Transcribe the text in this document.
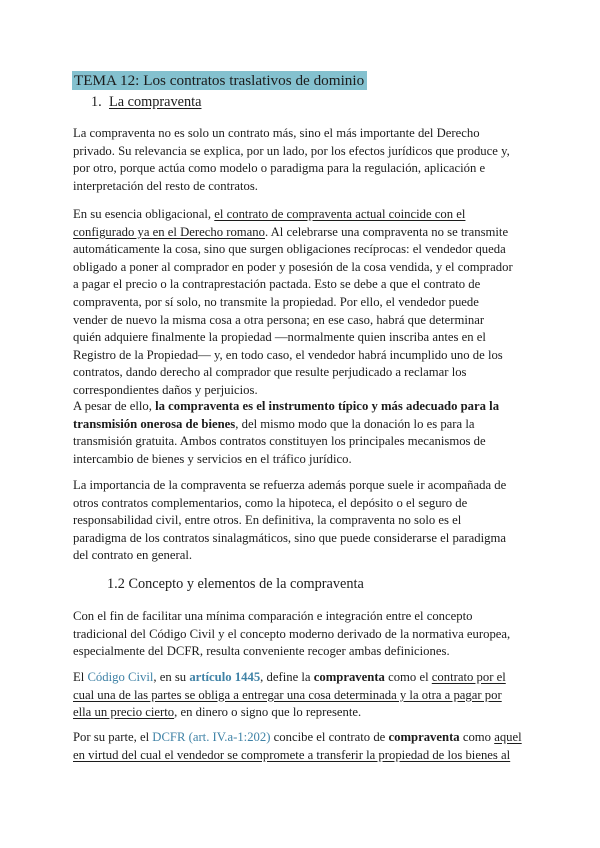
TEMA 12: Los contratos traslativos de dominio
1. La compraventa
La compraventa no es solo un contrato más, sino el más importante del Derecho
privado. Su relevancia se explica, por un lado, por los efectos jurídicos que produce y,
por otro, porque actúa como modelo o paradigma para la regulación, aplicación e
interpretación del resto de contratos.
En su esencia obligacional, el contrato de compraventa actual coincide con el
configurado ya en el Derecho romano. Al celebrarse una compraventa no se transmite
automáticamente la cosa, sino que surgen obligaciones recíprocas: el vendedor queda
obligado a poner al comprador en poder y posesión de la cosa vendida, y el comprador
a pagar el precio o la contraprestación pactada. Esto se debe a que el contrato de
compraventa, por sí solo, no transmite la propiedad. Por ello, el vendedor puede
vender de nuevo la misma cosa a otra persona; en ese caso, habrá que determinar
quién adquiere finalmente la propiedad —normalmente quien inscriba antes en el
Registro de la Propiedad— y, en todo caso, el vendedor habrá incumplido uno de los
contratos, dando derecho al comprador que resulte perjudicado a reclamar los
correspondientes daños y perjuicios.
A pesar de ello, la compraventa es el instrumento típico y más adecuado para la
transmisión onerosa de bienes, del mismo modo que la donación lo es para la
transmisión gratuita. Ambos contratos constituyen los principales mecanismos de
intercambio de bienes y servicios en el tráfico jurídico.
La importancia de la compraventa se refuerza además porque suele ir acompañada de
otros contratos complementarios, como la hipoteca, el depósito o el seguro de
responsabilidad civil, entre otros. En definitiva, la compraventa no solo es el
paradigma de los contratos sinalagmáticos, sino que puede considerarse el paradigma
del contrato en general.
1.2 Concepto y elementos de la compraventa
Con el fin de facilitar una mínima comparación e integración entre el concepto
tradicional del Código Civil y el concepto moderno derivado de la normativa europea,
especialmente del DCFR, resulta conveniente recoger ambas definiciones.
El Código Civil, en su artículo 1445, define la compraventa como el contrato por el
cual una de las partes se obliga a entregar una cosa determinada y la otra a pagar por
ella un precio cierto, en dinero o signo que lo represente.
Por su parte, el DCFR (art. IV.a-1:202) concibe el contrato de compraventa como aquel
en virtud del cual el vendedor se compromete a transferir la propiedad de los bienes al
